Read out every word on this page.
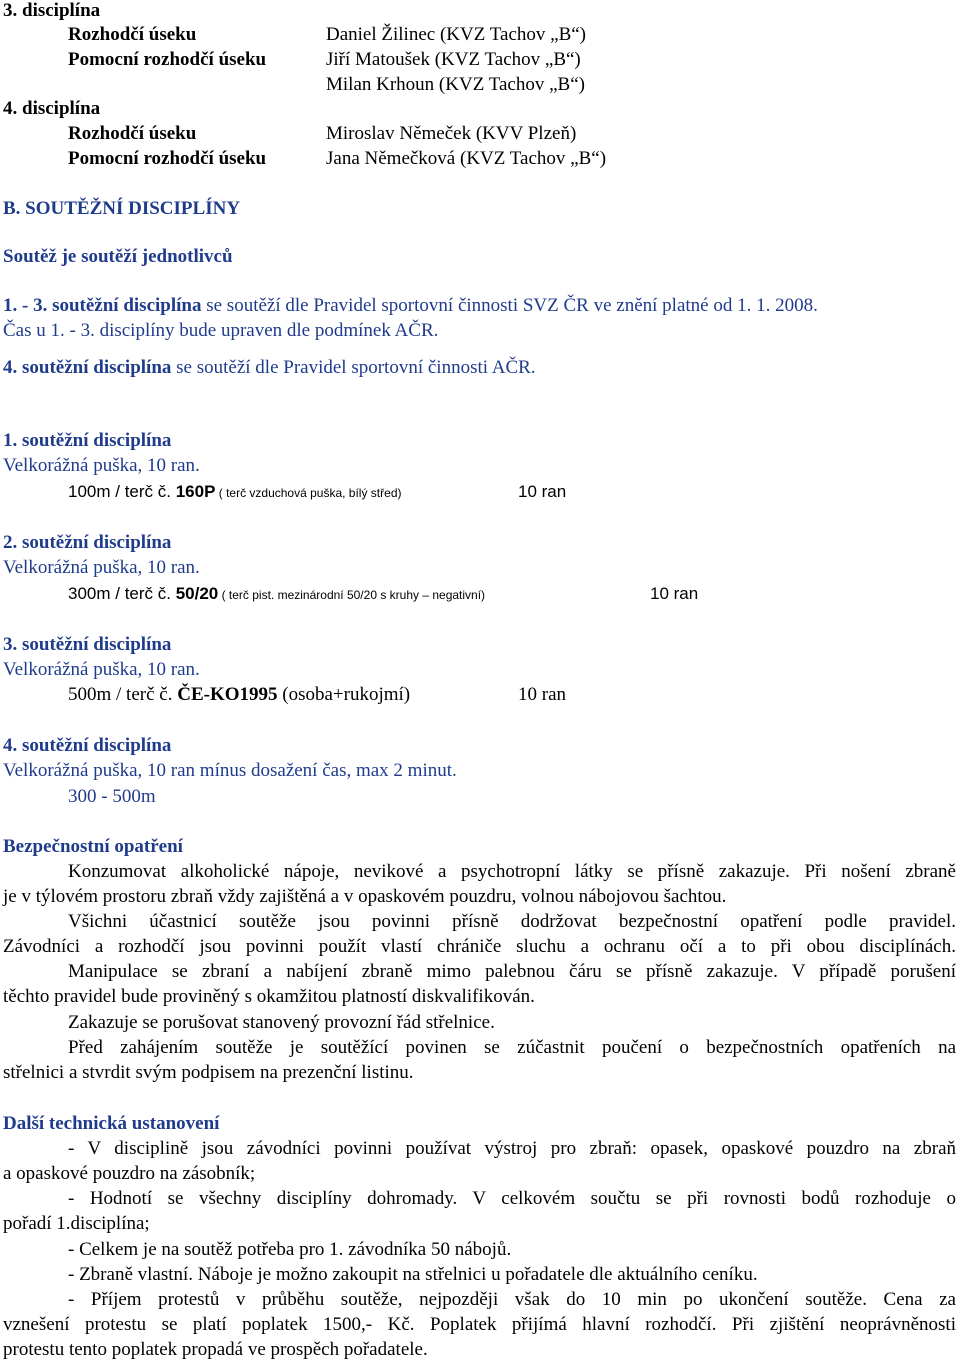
3. disciplína
Rozhodčí úseku	Daniel Žilinec (KVZ Tachov „B“)
Pomocní rozhodčí úseku	Jiří Matoušek (KVZ Tachov „B“)
Milan Krhoun (KVZ Tachov „B“)
4. disciplína
Rozhodčí úseku	Miroslav Němeček (KVV Plzeň)
Pomocní rozhodčí úseku	Jana Němečková (KVZ Tachov „B“)
B. SOUTĚŽNÍ DISCIPLÍNY
Soutěž je soutěží jednotlivců
1. - 3. soutěžní disciplína se soutěží dle Pravidel sportovní činnosti SVZ ČR ve znění platné od 1. 1. 2008.
Čas u 1. - 3. disciplíny bude upraven dle podmínek AČR.
4. soutěžní disciplína se soutěží dle Pravidel sportovní činnosti AČR.
1. soutěžní disciplína
Velkorážná puška, 10 ran.
100m / terč č. 160P ( terč vzduchová puška, bílý střed)	10 ran
2. soutěžní disciplína
Velkorážná puška, 10 ran.
300m / terč č. 50/20 ( terč pist. mezinárodní 50/20 s kruhy – negativní)	10 ran
3. soutěžní disciplína
Velkorážná puška, 10 ran.
500m / terč č. ČE-KO1995 (osoba+rukojmí)	10 ran
4. soutěžní disciplína
Velkorážná puška, 10 ran mínus dosažení čas, max 2 minut.
300 - 500m
Bezpečnostní opatření
Konzumovat alkoholické nápoje, nevikové a psychotropní látky se přísně zakazuje. Při nošení zbraně
je v týlovém prostoru zbraň vždy zajištěná a v opaskovém pouzdru, volnou nábojovou šachtou.
Všichni účastnicí soutěže jsou povinni přísně dodržovat bezpečnostní opatření podle pravidel.
Závodníci a rozhodčí jsou povinni použít vlastí chrániče sluchu a ochranu očí a to při obou disciplínách.
Manipulace se zbraní a nabíjení zbraně mimo palebnou čáru se přísně zakazuje. V případě porušení
těchto pravidel bude proviněný s okamžitou platností diskvalifikován.
Zakazuje se porušovat stanovený provozní řád střelnice.
Před zahájením soutěže je soutěžící povinen se zúčastnit poučení o bezpečnostních opatřeních na
střelnici a stvrdit svým podpisem na prezenční listinu.
Další technická ustanovení
- V disciplině jsou závodníci povinni používat výstroj pro zbraň: opasek, opaskové pouzdro na zbraň
a opaskové pouzdro na zásobník;
- Hodnotí se všechny disciplíny dohromady. V celkovém součtu se při rovnosti bodů rozhoduje o
pořadí 1.disciplína;
- Celkem je na soutěž potřeba pro 1. závodníka 50 nábojů.
- Zbraně vlastní. Náboje je možno zakoupit na střelnici u pořadatele dle aktuálního ceníku.
- Příjem protestů v průběhu soutěže, nejpozději však do 10 min po ukončení soutěže. Cena za
vznešení protestu se platí poplatek 1500,- Kč. Poplatek přijímá hlavní rozhodčí. Při zjištění neoprávněnosti
protestu tento poplatek propadá ve prospěch pořadatele.
